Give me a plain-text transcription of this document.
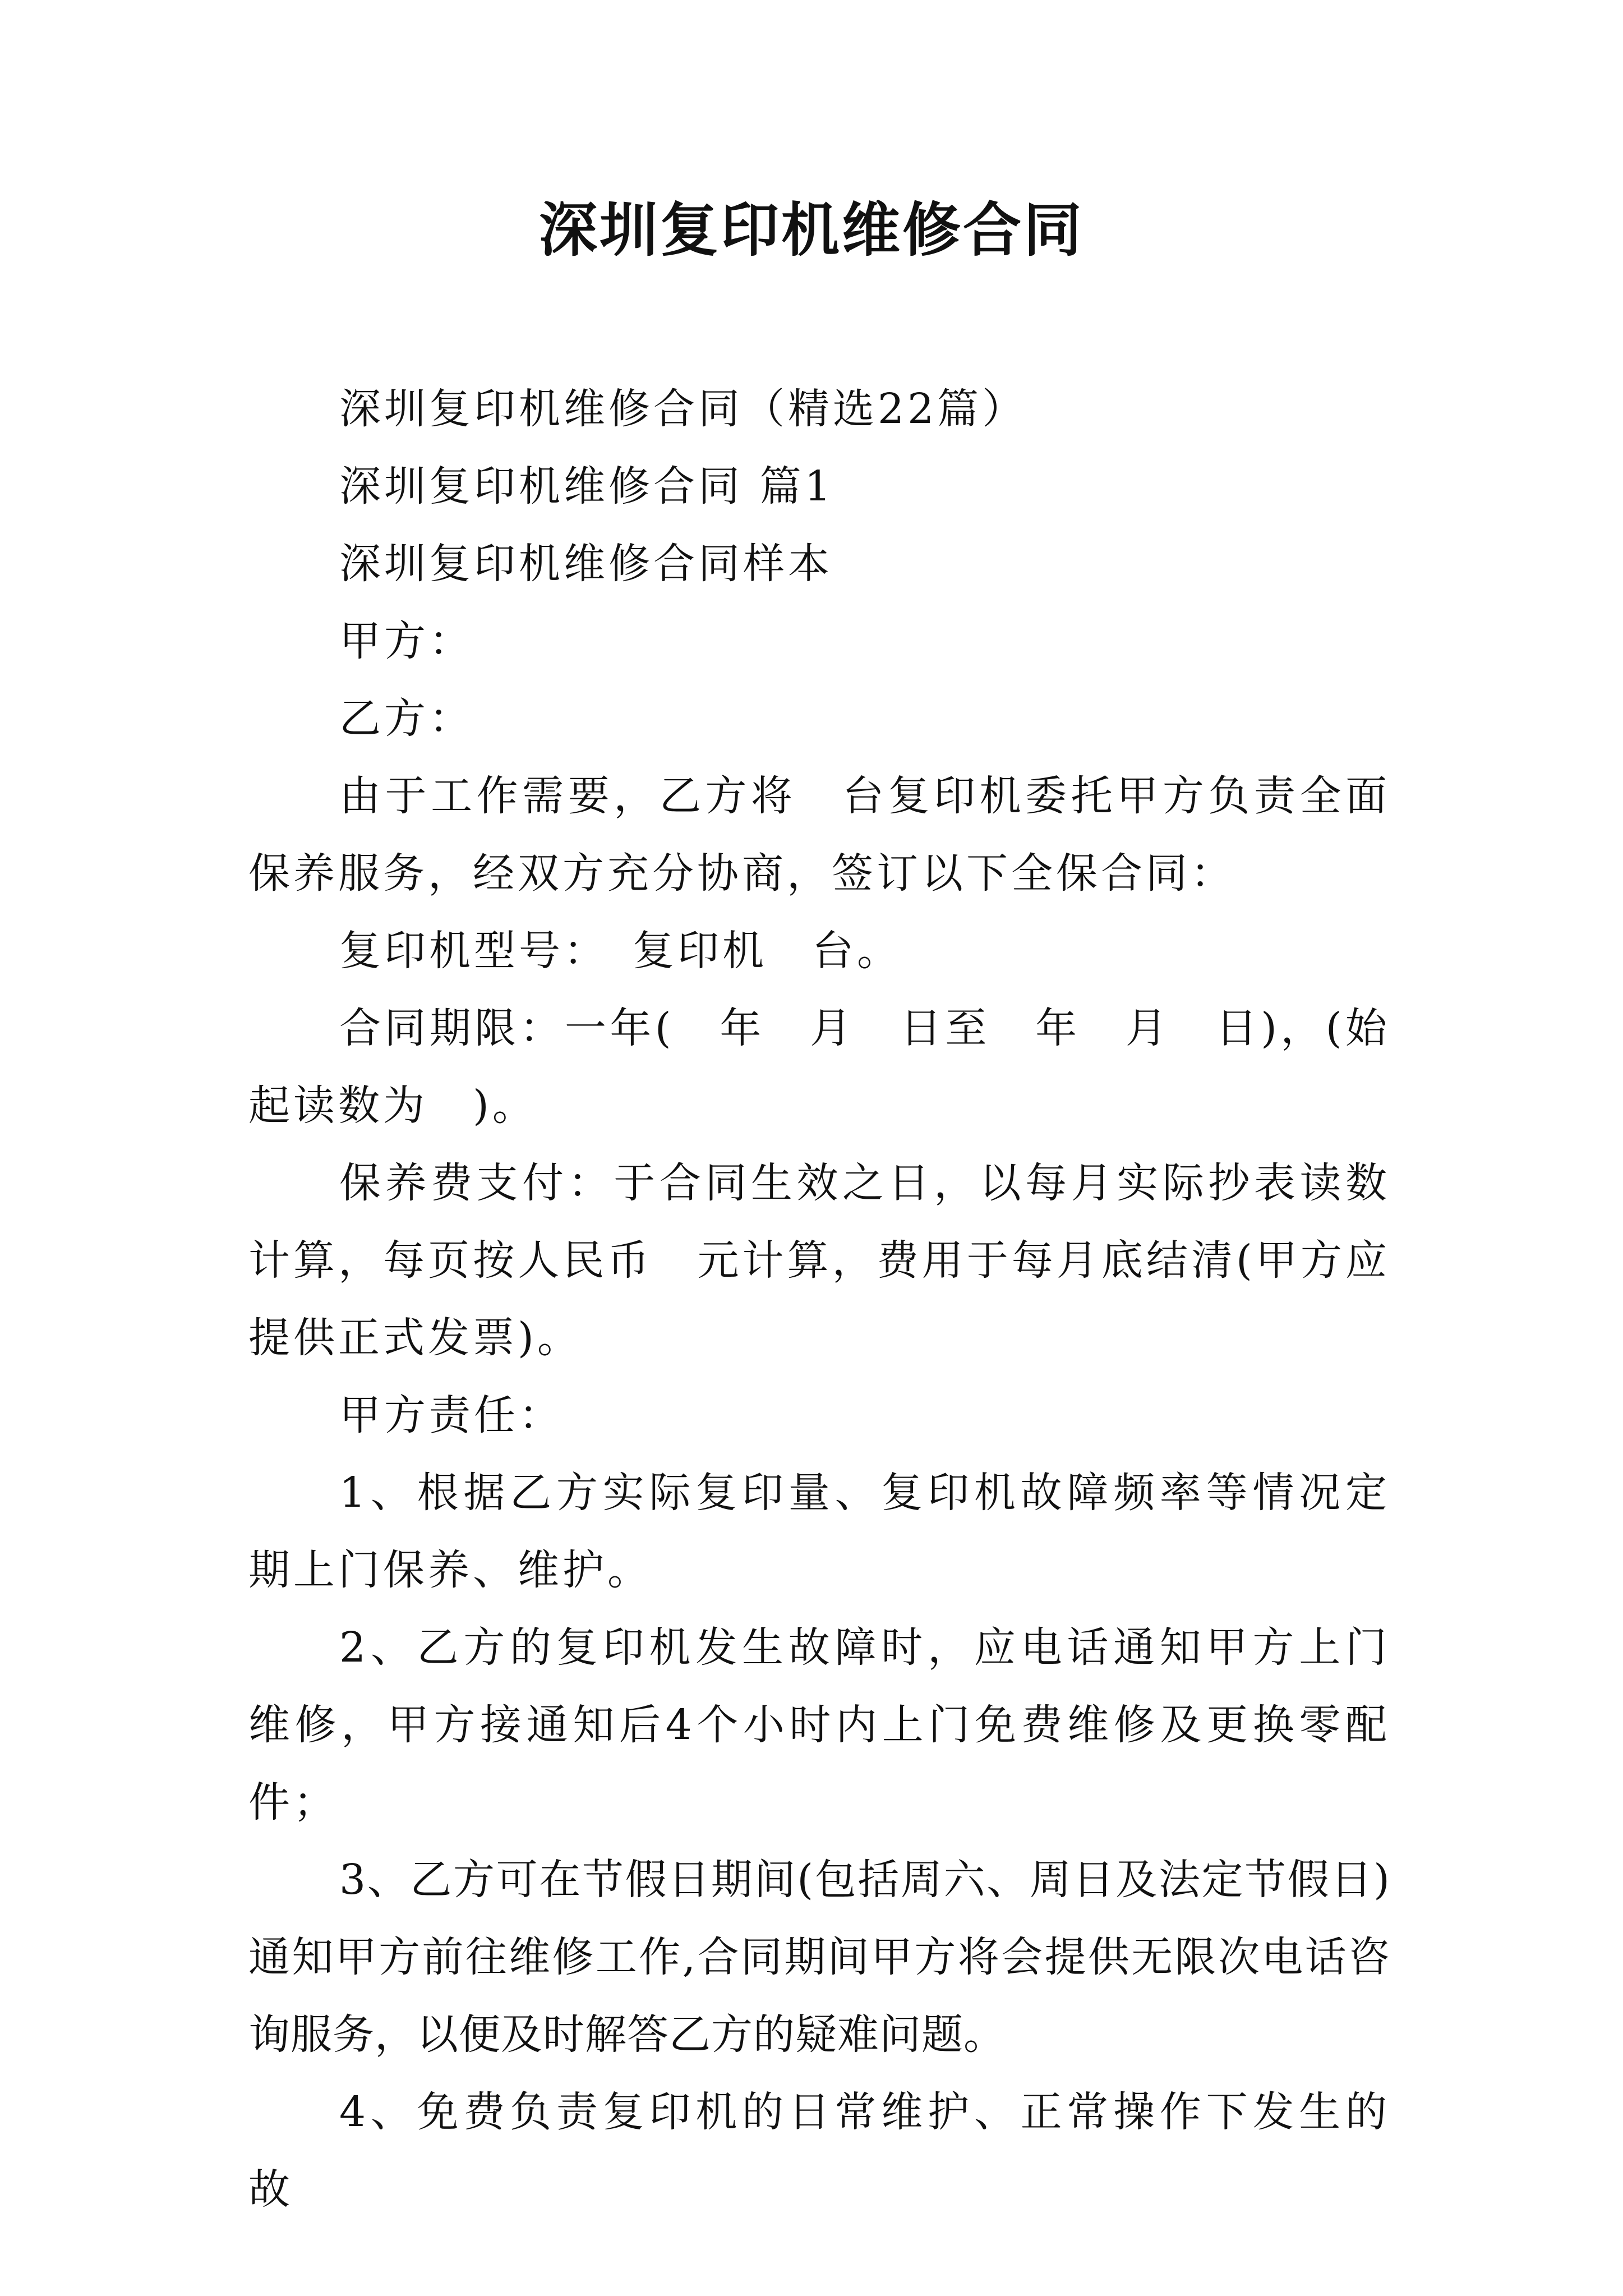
深圳复印机维修合同

深圳复印机维修合同（精选22篇）

深圳复印机维修合同 篇1

深圳复印机维修合同样本

甲方：

乙方：

由于工作需要，乙方将　台复印机委托甲方负责全面保养服务，经双方充分协商，签订以下全保合同：

复印机型号：　复印机　台。

合同期限：一年(　年　月　日至　年　月　日)，(始起读数为　)。

保养费支付：于合同生效之日，以每月实际抄表读数计算，每页按人民币　元计算，费用于每月底结清(甲方应提供正式发票)。

甲方责任：

1、根据乙方实际复印量、复印机故障频率等情况定期上门保养、维护。

2、乙方的复印机发生故障时，应电话通知甲方上门维修，甲方接通知后4个小时内上门免费维修及更换零配件；

3、乙方可在节假日期间(包括周六、周日及法定节假日)通知甲方前往维修工作,合同期间甲方将会提供无限次电话咨询服务，以便及时解答乙方的疑难问题。

4、免费负责复印机的日常维护、正常操作下发生的故
